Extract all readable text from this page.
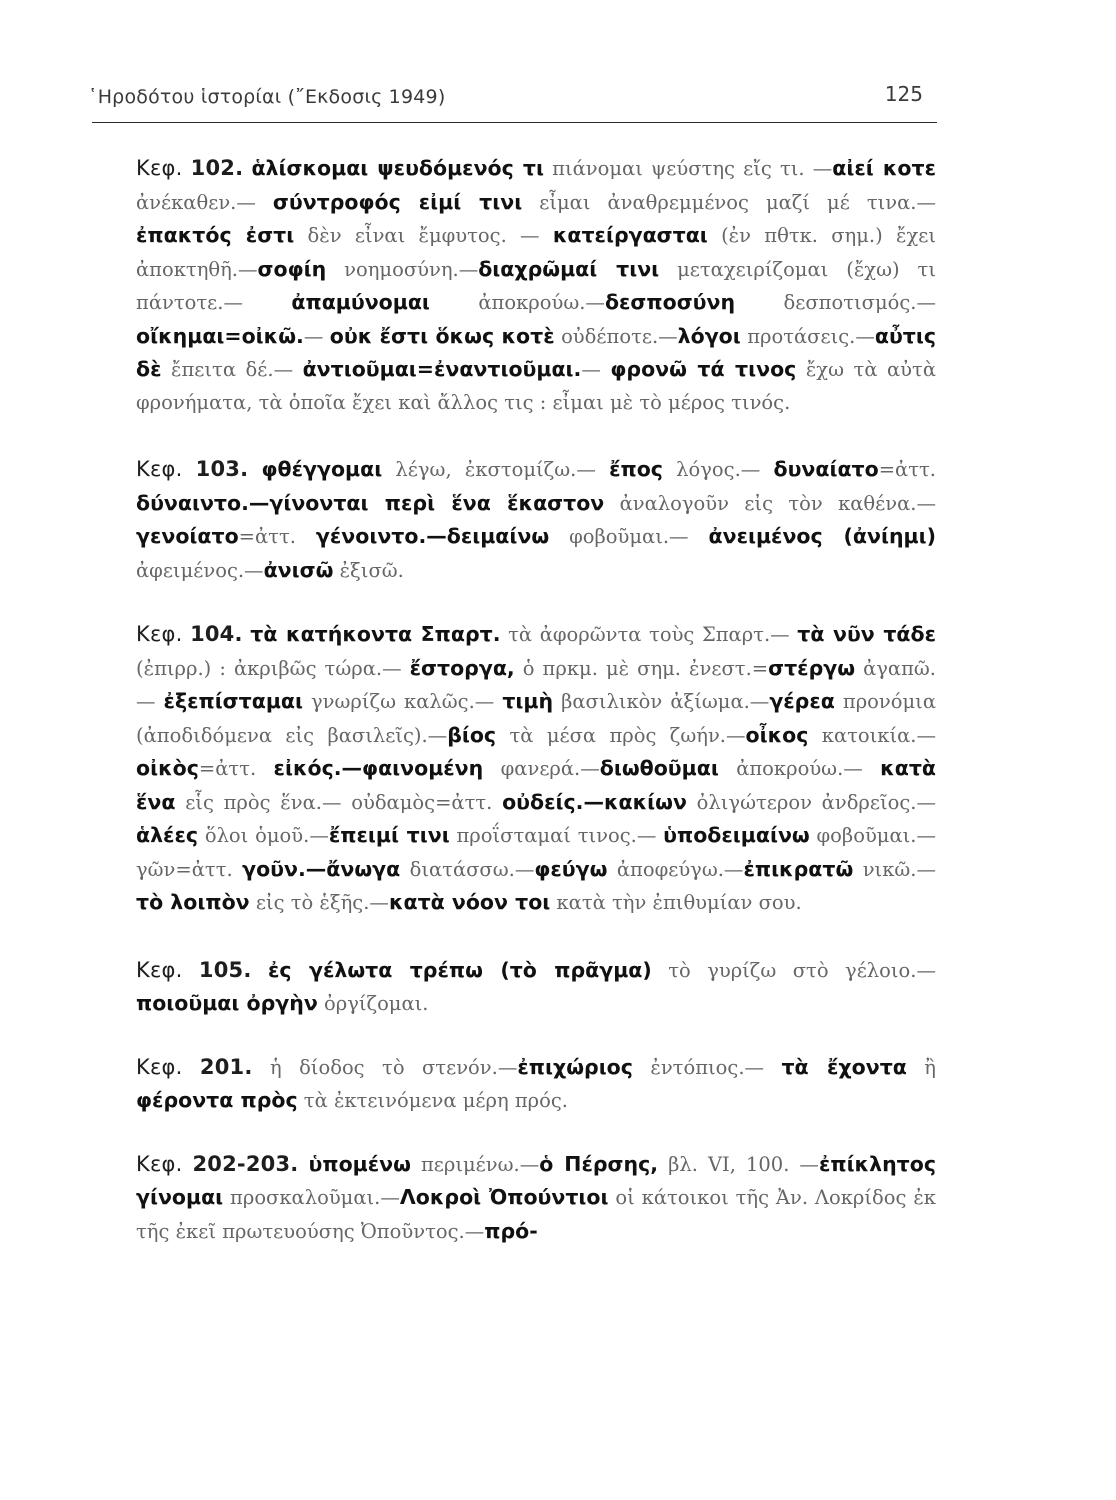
῾Ηροδότου ἱστορίαι (῎Εκδοσις 1949)	125

Κεφ. 102. ἁλίσκομαι ψευδόμενός τι πιάνομαι ψεύστης εἴς τι. —αἰεί κοτε ἀνέκαθεν.— σύντροφός εἰμί τινι εἶμαι ἀναθρεμμένος μαζί μέ τινα.— ἐπακτός ἐστι δὲν εἶναι ἔμφυτος. — κατείργασται (ἐν πθτκ. σημ.) ἔχει ἀποκτηθῆ.—σοφίη νοημοσύνη.—διαχρῶμαί τινι μεταχειρίζομαι (ἔχω) τι πάντοτε.— ἀπαμύνομαι ἀποκρούω.—δεσποσύνη δεσποτισμός.—οἴκημαι=οἰκῶ.— οὐκ ἔστι ὅκως κοτὲ οὐδέποτε.—λόγοι προτάσεις.—αὖτις δὲ ἔπειτα δέ.— ἀντιοῦμαι=ἐναντιοῦμαι.— φρονῶ τά τινος ἔχω τὰ αὐτὰ φρονήματα, τὰ ὁποῖα ἔχει καὶ ἄλλος τις : εἶμαι μὲ τὸ μέρος τινός.

Κεφ. 103. φθέγγομαι λέγω, ἐκστομίζω.— ἔπος λόγος.— δυναίατο=ἀττ. δύναιντο.—γίνονται περὶ ἕνα ἕκαστον ἀναλογοῦν εἰς τὸν καθένα.—γενοίατο=ἀττ. γένοιντο.—δειμαίνω φοβοῦμαι.— ἀνειμένος (ἀνίημι) ἀφειμένος.—ἀνισῶ ἐξισῶ.

Κεφ. 104. τὰ κατήκοντα Σπαρτ. τὰ ἀφορῶντα τοὺς Σπαρτ.— τὰ νῦν τάδε (ἐπιρρ.) : ἀκριβῶς τώρα.— ἔστοργα, ὁ πρκμ. μὲ σημ. ἐνεστ.=στέργω ἀγαπῶ.— ἐξεπίσταμαι γνωρίζω καλῶς.— τιμὴ βασιλικὸν ἀξίωμα.—γέρεα προνόμια (ἀποδιδόμενα εἰς βασιλεῖς).—βίος τὰ μέσα πρὸς ζωήν.—οἶκος κατοικία.—οἰκὸς=ἀττ. εἰκός.—φαινομένη φανερά.—διωθοῦμαι ἀποκρούω.— κατὰ ἕνα εἷς πρὸς ἕνα.— οὐδαμὸς=ἀττ. οὐδείς.—κακίων ὀλιγώτερον ἀνδρεῖος.—ἁλέες ὅλοι ὁμοῦ.—ἔπειμί τινι προΐσταμαί τινος.— ὑποδειμαίνω φοβοῦμαι.— γῶν=ἀττ. γοῦν.—ἄνωγα διατάσσω.—φεύγω ἀποφεύγω.—ἐπικρατῶ νικῶ.—τὸ λοιπὸν εἰς τὸ ἑξῆς.—κατὰ νόον τοι κατὰ τὴν ἐπιθυμίαν σου.

Κεφ. 105. ἐς γέλωτα τρέπω (τὸ πρᾶγμα) τὸ γυρίζω στὸ γέλοιο.—ποιοῦμαι ὀργὴν ὀργίζομαι.

Κεφ. 201. ἡ δίοδος τὸ στενόν.—ἐπιχώριος ἐντόπιος.— τὰ ἔχοντα ἢ φέροντα πρὸς τὰ ἐκτεινόμενα μέρη πρός.

Κεφ. 202-203. ὑπομένω περιμένω.—ὁ Πέρσης, βλ. VI, 100. —ἐπίκλητος γίνομαι προσκαλοῦμαι.—Λοκροὶ Ὀπούντιοι οἱ κάτοικοι τῆς Ἀν. Λοκρίδος ἐκ τῆς ἐκεῖ πρωτευούσης Ὀποῦντος.—πρό-
